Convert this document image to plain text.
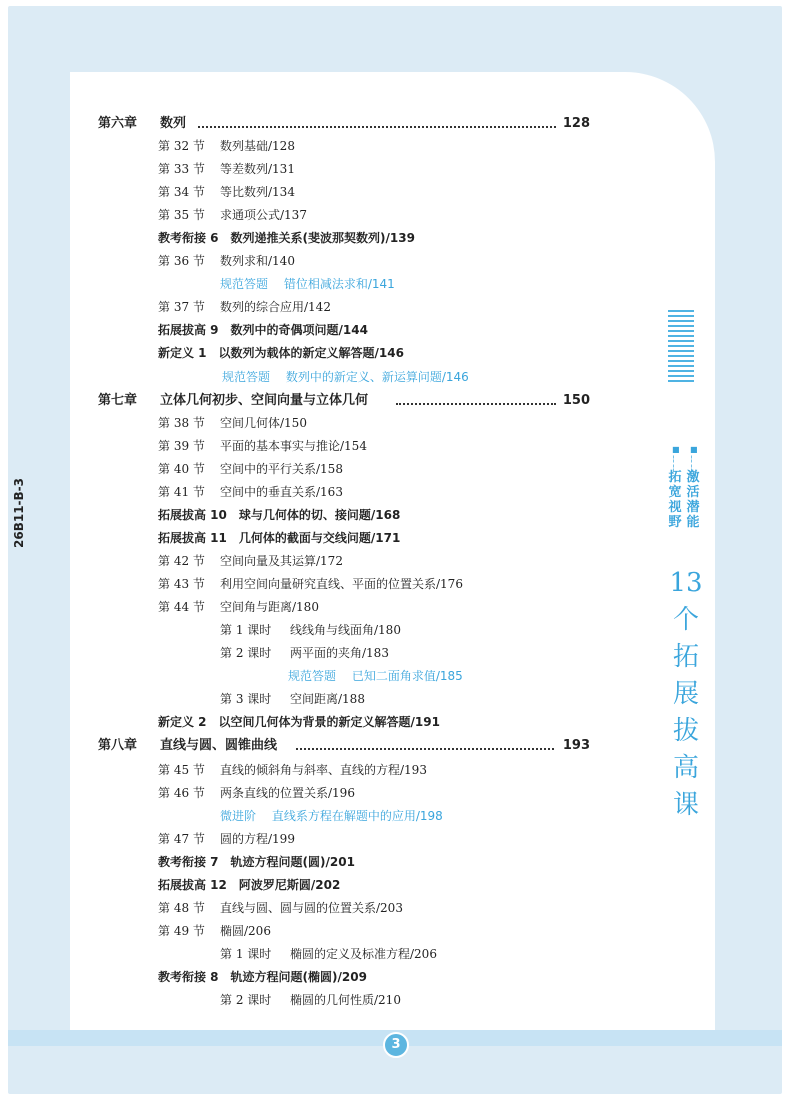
3
26B11-B-3
■
¦
¦
■
¦
¦
激
活
潜
能
拓
宽
视
野
13
个
拓
展
拔
高
课
第六章 数列	128
第 32 节 数列基础/128
第 33 节 等差数列/131
第 34 节 等比数列/134
第 35 节 求通项公式/137
教考衔接 6　数列递推关系(斐波那契数列)/139
第 36 节 数列求和/140
规范答题　 错位相减法求和/141
第 37 节 数列的综合应用/142
拓展拔高 9　数列中的奇偶项问题/144
新定义 1　以数列为载体的新定义解答题/146
规范答题　 数列中的新定义、新运算问题/146
第七章 立体几何初步、空间向量与立体几何	150
第 38 节 空间几何体/150
第 39 节 平面的基本事实与推论/154
第 40 节 空间中的平行关系/158
第 41 节 空间中的垂直关系/163
拓展拔高 10　球与几何体的切、接问题/168
拓展拔高 11　几何体的截面与交线问题/171
第 42 节 空间向量及其运算/172
第 43 节 利用空间向量研究直线、平面的位置关系/176
第 44 节 空间角与距离/180
第 1 课时 线线角与线面角/180
第 2 课时 两平面的夹角/183
规范答题　 已知二面角求值/185
第 3 课时 空间距离/188
新定义 2　以空间几何体为背景的新定义解答题/191
第八章 直线与圆、圆锥曲线	193
第 45 节 直线的倾斜角与斜率、直线的方程/193
第 46 节 两条直线的位置关系/196
微进阶　 直线系方程在解题中的应用/198
第 47 节 圆的方程/199
教考衔接 7　轨迹方程问题(圆)/201
拓展拔高 12　阿波罗尼斯圆/202
第 48 节 直线与圆、圆与圆的位置关系/203
第 49 节 椭圆/206
第 1 课时 椭圆的定义及标准方程/206
教考衔接 8　轨迹方程问题(椭圆)/209
第 2 课时 椭圆的几何性质/210
